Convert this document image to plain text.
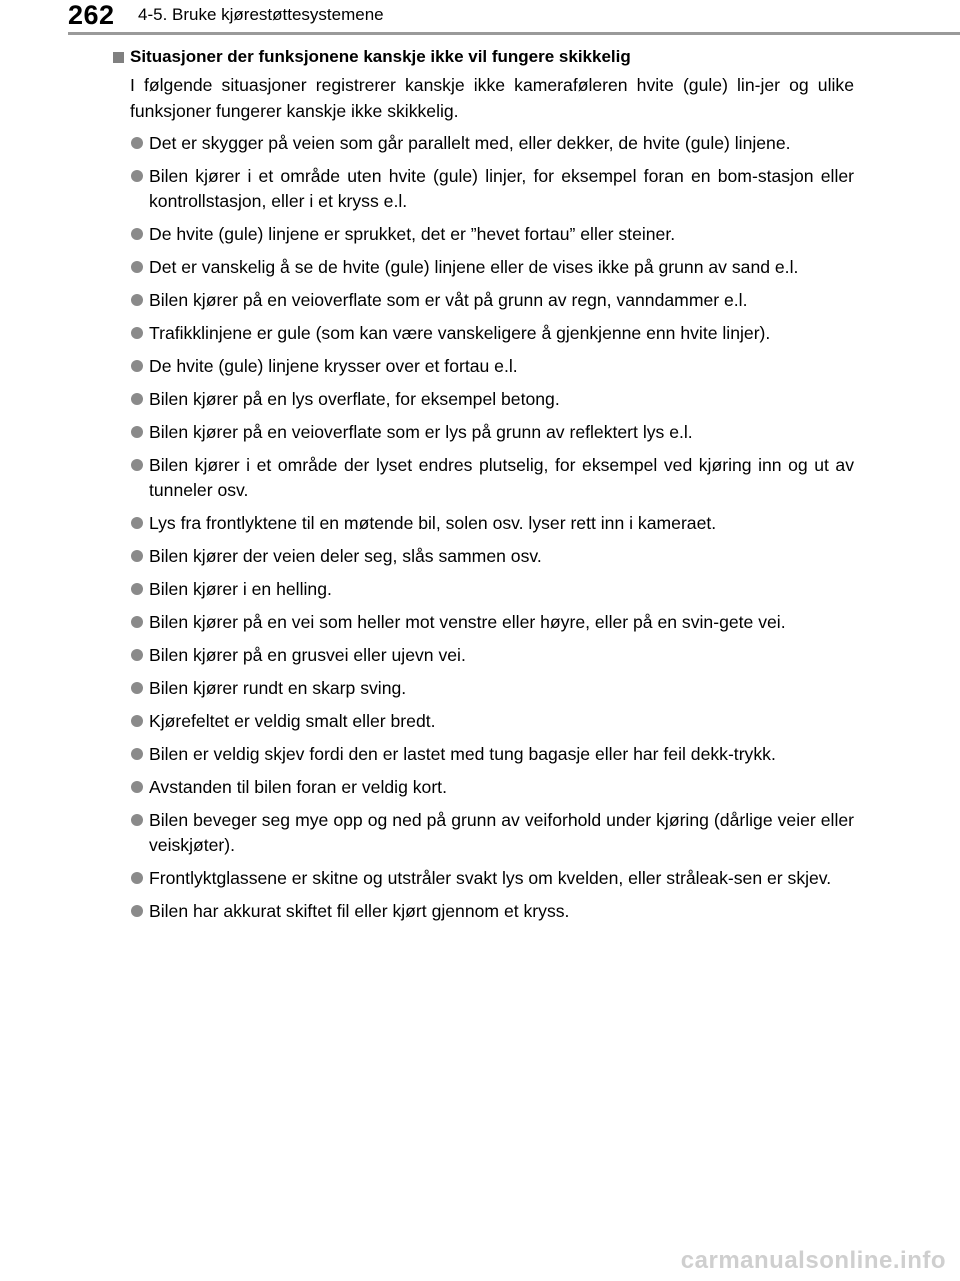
262 4-5. Bruke kjørestøttesystemene
Situasjoner der funksjonene kanskje ikke vil fungere skikkelig
I følgende situasjoner registrerer kanskje ikke kameraføleren hvite (gule) lin-jer og ulike funksjoner fungerer kanskje ikke skikkelig.
Det er skygger på veien som går parallelt med, eller dekker, de hvite (gule) linjene.
Bilen kjører i et område uten hvite (gule) linjer, for eksempel foran en bom-stasjon eller kontrollstasjon, eller i et kryss e.l.
De hvite (gule) linjene er sprukket, det er ”hevet fortau” eller steiner.
Det er vanskelig å se de hvite (gule) linjene eller de vises ikke på grunn av sand e.l.
Bilen kjører på en veioverflate som er våt på grunn av regn, vanndammer e.l.
Trafikklinjene er gule (som kan være vanskeligere å gjenkjenne enn hvite linjer).
De hvite (gule) linjene krysser over et fortau e.l.
Bilen kjører på en lys overflate, for eksempel betong.
Bilen kjører på en veioverflate som er lys på grunn av reflektert lys e.l.
Bilen kjører i et område der lyset endres plutselig, for eksempel ved kjøring inn og ut av tunneler osv.
Lys fra frontlyktene til en møtende bil, solen osv. lyser rett inn i kameraet.
Bilen kjører der veien deler seg, slås sammen osv.
Bilen kjører i en helling.
Bilen kjører på en vei som heller mot venstre eller høyre, eller på en svin-gete vei.
Bilen kjører på en grusvei eller ujevn vei.
Bilen kjører rundt en skarp sving.
Kjørefeltet er veldig smalt eller bredt.
Bilen er veldig skjev fordi den er lastet med tung bagasje eller har feil dekk-trykk.
Avstanden til bilen foran er veldig kort.
Bilen beveger seg mye opp og ned på grunn av veiforhold under kjøring (dårlige veier eller veiskjøter).
Frontlyktglassene er skitne og utstråler svakt lys om kvelden, eller stråleak-sen er skjev.
Bilen har akkurat skiftet fil eller kjørt gjennom et kryss.
carmanualsonline.info
